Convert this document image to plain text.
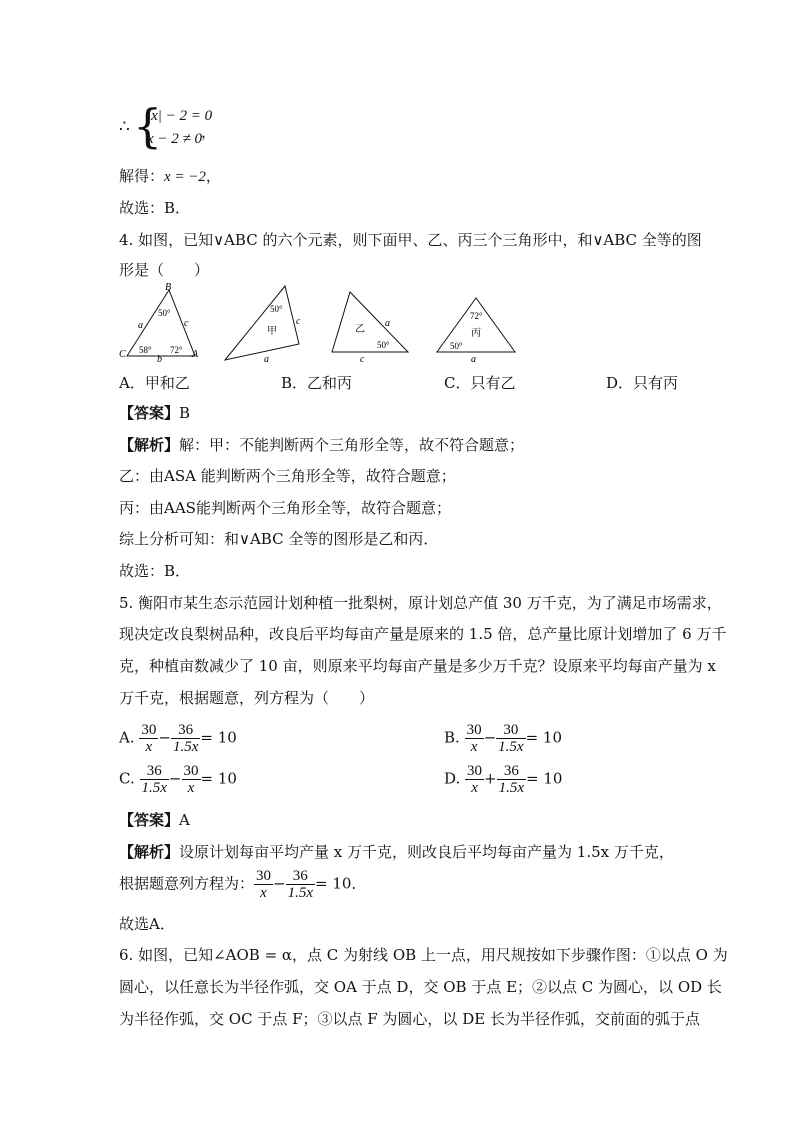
∴ {
|x| − 2 = 0
x − 2 ≠ 0
，
解得：x = −2，
故选：B．
4. 如图，已知∨ABC 的六个元素，则下面甲、乙、丙三个三角形中，和∨ABC 全等的图
形是（　　）
B
C	A
a	c
b
50°
58° 72°
50°
甲
c
a
乙
a
50°
c
72°
丙
50°
a
A．甲和乙	B．乙和丙	C．只有乙	D．只有丙
【答案】B
【解析】解：甲：不能判断两个三角形全等，故不符合题意；
乙：由ASA 能判断两个三角形全等，故符合题意；
丙：由AAS能判断两个三角形全等，故符合题意；
综上分析可知：和∨ABC 全等的图形是乙和丙．
故选：B．
5. 衡阳市某生态示范园计划种植一批梨树，原计划总产值 30 万千克，为了满足市场需求，
现决定改良梨树品种，改良后平均每亩产量是原来的 1.5 倍，总产量比原计划增加了 6 万千
克，种植亩数减少了 10 亩，则原来平均每亩产量是多少万千克？设原来平均每亩产量为 x
万千克，根据题意，列方程为（　　）
A. $\frac{30}{x} - \frac{36}{1.5x} = 10$	B. $\frac{30}{x} - \frac{30}{1.5x} = 10$
C. $\frac{36}{1.5x} - \frac{30}{x} = 10$	D. $\frac{30}{x} + \frac{36}{1.5x} = 10$
【答案】A
【解析】设原计划每亩平均产量 x 万千克，则改良后平均每亩产量为 1.5x 万千克，
根据题意列方程为： $\frac{30}{x} - \frac{36}{1.5x} = 10$．
故选A．
6. 如图，已知∠AOB = α，点 C 为射线 OB 上一点，用尺规按如下步骤作图：①以点 O 为
圆心，以任意长为半径作弧，交 OA 于点 D，交 OB 于点 E；②以点 C 为圆心，以 OD 长
为半径作弧，交 OC 于点 F；③以点 F 为圆心，以 DE 长为半径作弧，交前面的弧于点
